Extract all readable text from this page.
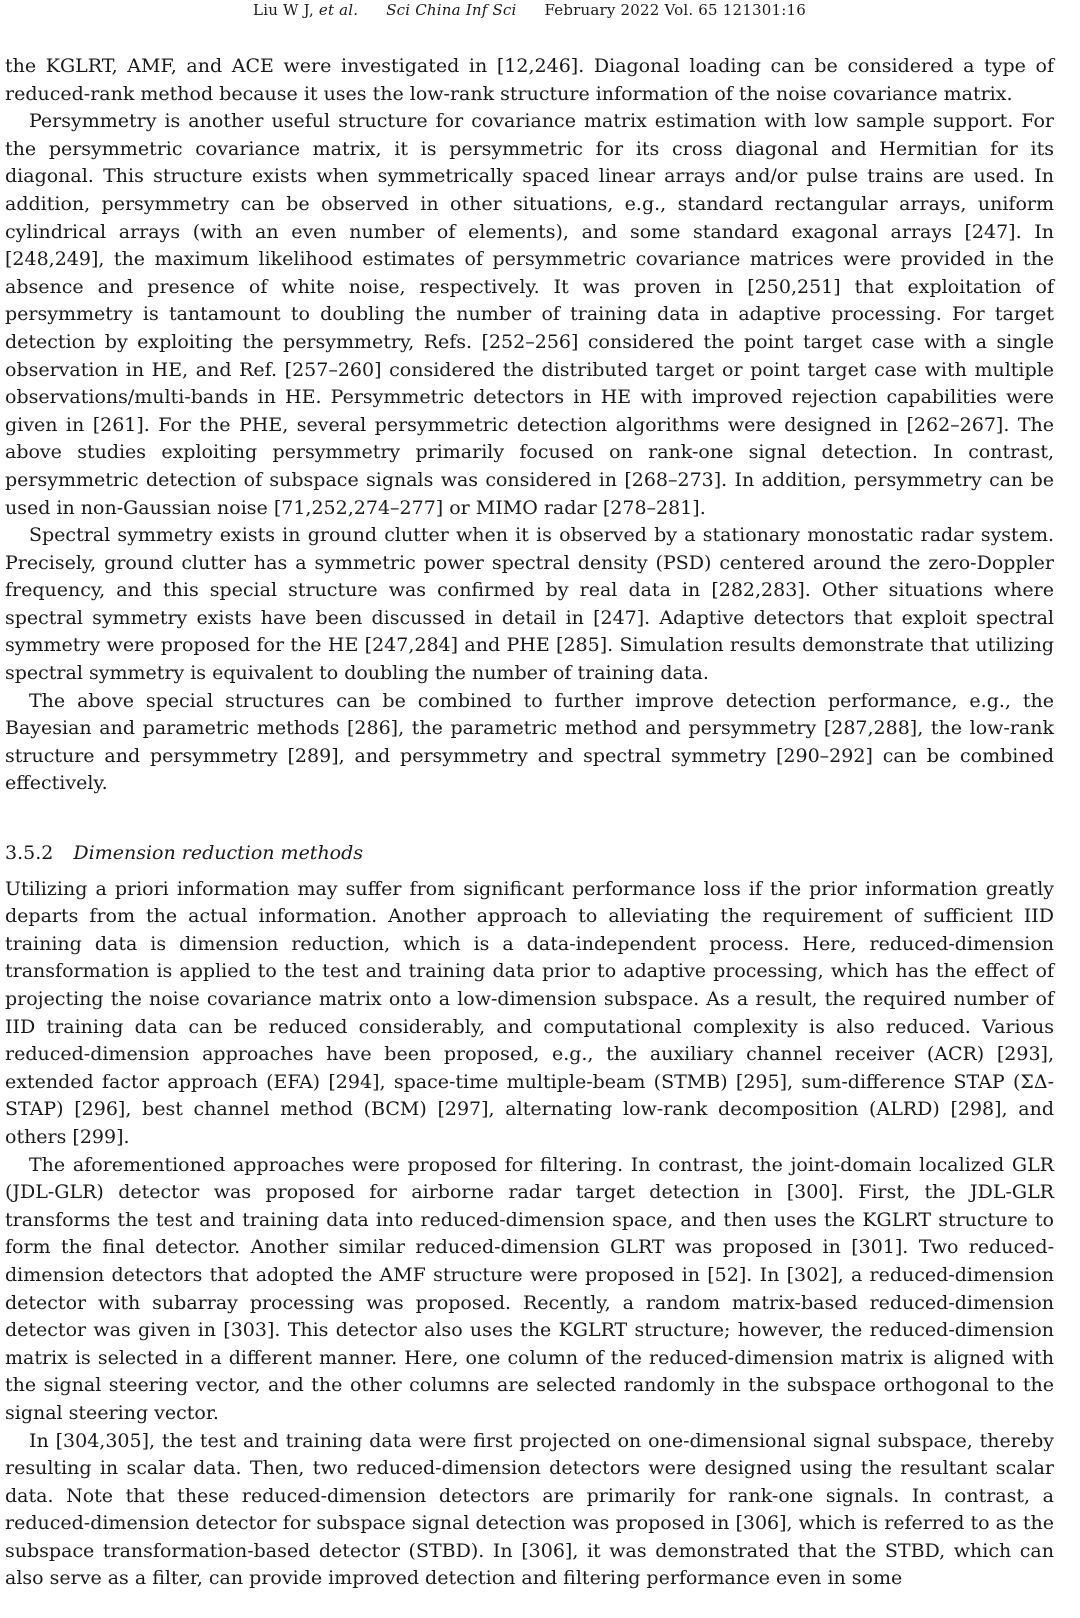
Liu W J, et al. Sci China Inf Sci February 2022 Vol. 65 121301:16

the KGLRT, AMF, and ACE were investigated in [12,246]. Diagonal loading can be considered a type of reduced-rank method because it uses the low-rank structure information of the noise covariance matrix.

Persymmetry is another useful structure for covariance matrix estimation with low sample support. For the persymmetric covariance matrix, it is persymmetric for its cross diagonal and Hermitian for its diagonal. This structure exists when symmetrically spaced linear arrays and/or pulse trains are used. In addition, persymmetry can be observed in other situations, e.g., standard rectangular arrays, uniform cylindrical arrays (with an even number of elements), and some standard exagonal arrays [247]. In [248,249], the maximum likelihood estimates of persymmetric covariance matrices were provided in the absence and presence of white noise, respectively. It was proven in [250,251] that exploitation of persymmetry is tantamount to doubling the number of training data in adaptive processing. For target detection by exploiting the persymmetry, Refs. [252–256] considered the point target case with a single observation in HE, and Ref. [257–260] considered the distributed target or point target case with multiple observations/multi-bands in HE. Persymmetric detectors in HE with improved rejection capabilities were given in [261]. For the PHE, several persymmetric detection algorithms were designed in [262–267]. The above studies exploiting persymmetry primarily focused on rank-one signal detection. In contrast, persymmetric detection of subspace signals was considered in [268–273]. In addition, persymmetry can be used in non-Gaussian noise [71,252,274–277] or MIMO radar [278–281].

Spectral symmetry exists in ground clutter when it is observed by a stationary monostatic radar system. Precisely, ground clutter has a symmetric power spectral density (PSD) centered around the zero-Doppler frequency, and this special structure was confirmed by real data in [282,283]. Other situations where spectral symmetry exists have been discussed in detail in [247]. Adaptive detectors that exploit spectral symmetry were proposed for the HE [247,284] and PHE [285]. Simulation results demonstrate that utilizing spectral symmetry is equivalent to doubling the number of training data.

The above special structures can be combined to further improve detection performance, e.g., the Bayesian and parametric methods [286], the parametric method and persymmetry [287,288], the low-rank structure and persymmetry [289], and persymmetry and spectral symmetry [290–292] can be combined effectively.

3.5.2 Dimension reduction methods

Utilizing a priori information may suffer from significant performance loss if the prior information greatly departs from the actual information. Another approach to alleviating the requirement of sufficient IID training data is dimension reduction, which is a data-independent process. Here, reduced-dimension transformation is applied to the test and training data prior to adaptive processing, which has the effect of projecting the noise covariance matrix onto a low-dimension subspace. As a result, the required number of IID training data can be reduced considerably, and computational complexity is also reduced. Various reduced-dimension approaches have been proposed, e.g., the auxiliary channel receiver (ACR) [293], extended factor approach (EFA) [294], space-time multiple-beam (STMB) [295], sum-difference STAP (ΣΔ-STAP) [296], best channel method (BCM) [297], alternating low-rank decomposition (ALRD) [298], and others [299].

The aforementioned approaches were proposed for filtering. In contrast, the joint-domain localized GLR (JDL-GLR) detector was proposed for airborne radar target detection in [300]. First, the JDL-GLR transforms the test and training data into reduced-dimension space, and then uses the KGLRT structure to form the final detector. Another similar reduced-dimension GLRT was proposed in [301]. Two reduced-dimension detectors that adopted the AMF structure were proposed in [52]. In [302], a reduced-dimension detector with subarray processing was proposed. Recently, a random matrix-based reduced-dimension detector was given in [303]. This detector also uses the KGLRT structure; however, the reduced-dimension matrix is selected in a different manner. Here, one column of the reduced-dimension matrix is aligned with the signal steering vector, and the other columns are selected randomly in the subspace orthogonal to the signal steering vector.

In [304,305], the test and training data were first projected on one-dimensional signal subspace, thereby resulting in scalar data. Then, two reduced-dimension detectors were designed using the resultant scalar data. Note that these reduced-dimension detectors are primarily for rank-one signals. In contrast, a reduced-dimension detector for subspace signal detection was proposed in [306], which is referred to as the subspace transformation-based detector (STBD). In [306], it was demonstrated that the STBD, which can also serve as a filter, can provide improved detection and filtering performance even in some
